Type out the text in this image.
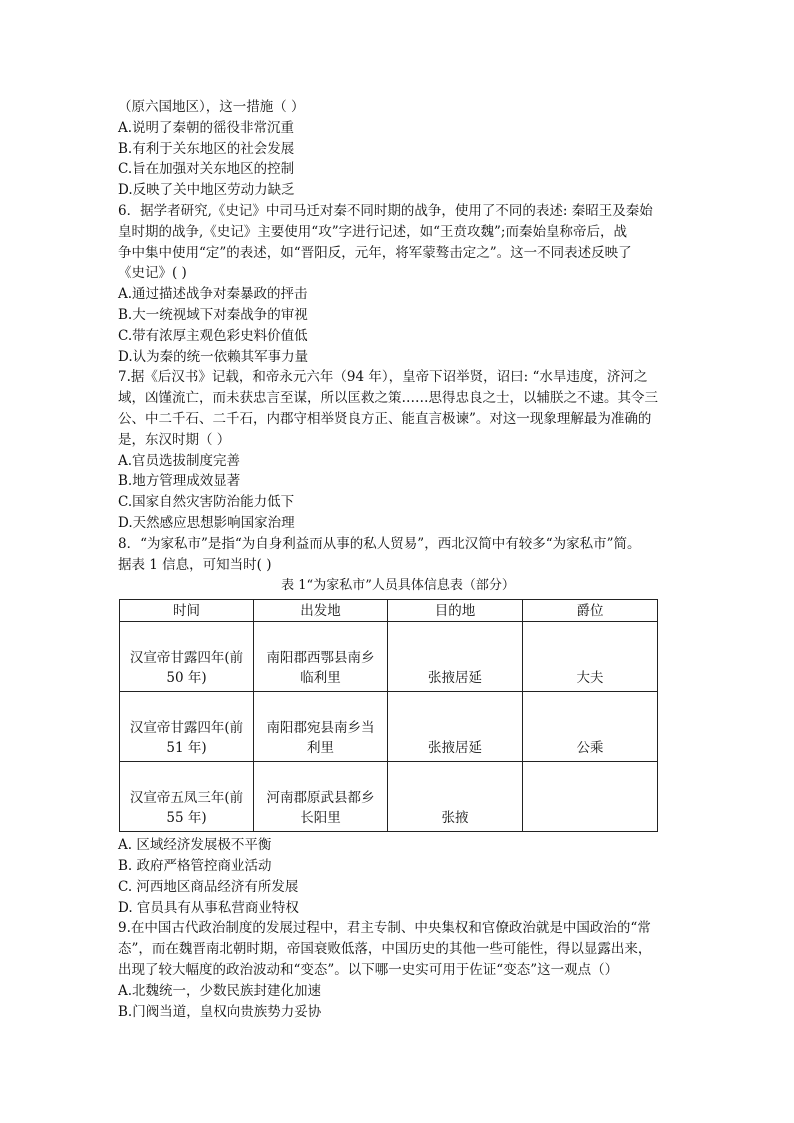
（原六国地区），这一措施（ ）
A.说明了秦朝的徭役非常沉重
B.有利于关东地区的社会发展
C.旨在加强对关东地区的控制
D.反映了关中地区劳动力缺乏
6．据学者研究,《史记》中司马迁对秦不同时期的战争，使用了不同的表述: 秦昭王及秦始
皇时期的战争,《史记》主要使用“攻”字进行记述，如“王贲攻魏”;而秦始皇称帝后，战
争中集中使用“定”的表述，如“晋阳反，元年，将军蒙骜击定之”。这一不同表述反映了
《史记》( )
A.通过描述战争对秦暴政的抨击
B.大一统视域下对秦战争的审视
C.带有浓厚主观色彩史料价值低
D.认为秦的统一依赖其军事力量
7.据《后汉书》记载，和帝永元六年（94 年），皇帝下诏举贤，诏曰: “水旱违度，济河之
域，凶馑流亡，而未获忠言至谋，所以匡救之策……思得忠良之士，以辅朕之不逮。其令三
公、中二千石、二千石，内郡守相举贤良方正、能直言极谏”。对这一现象理解最为准确的
是，东汉时期（ ）
A.官员选拔制度完善
B.地方管理成效显著
C.国家自然灾害防治能力低下
D.天然感应思想影响国家治理
8．“为家私市”是指“为自身利益而从事的私人贸易”，西北汉简中有较多“为家私市”简。
据表 1 信息，可知当时( )
表 1“为家私市”人员具体信息表（部分）
时间	出发地	目的地	爵位

汉宣帝甘露四年(前
50 年)	南阳郡西鄂县南乡
临利里	张掖居延	大夫

汉宣帝甘露四年(前
51 年)	南阳郡宛县南乡当
利里	张掖居延	公乘

汉宣帝五凤三年(前
55 年)	河南郡原武县都乡
长阳里	张掖	
A. 区域经济发展极不平衡
B. 政府严格管控商业活动
C. 河西地区商品经济有所发展
D. 官员具有从事私营商业特权
9.在中国古代政治制度的发展过程中，君主专制、中央集权和官僚政治就是中国政治的“常
态”，而在魏晋南北朝时期，帝国衰败低落，中国历史的其他一些可能性，得以显露出来，
出现了较大幅度的政治波动和“变态”。以下哪一史实可用于佐证“变态”这一观点（）
A.北魏统一，少数民族封建化加速
B.门阀当道，皇权向贵族势力妥协
